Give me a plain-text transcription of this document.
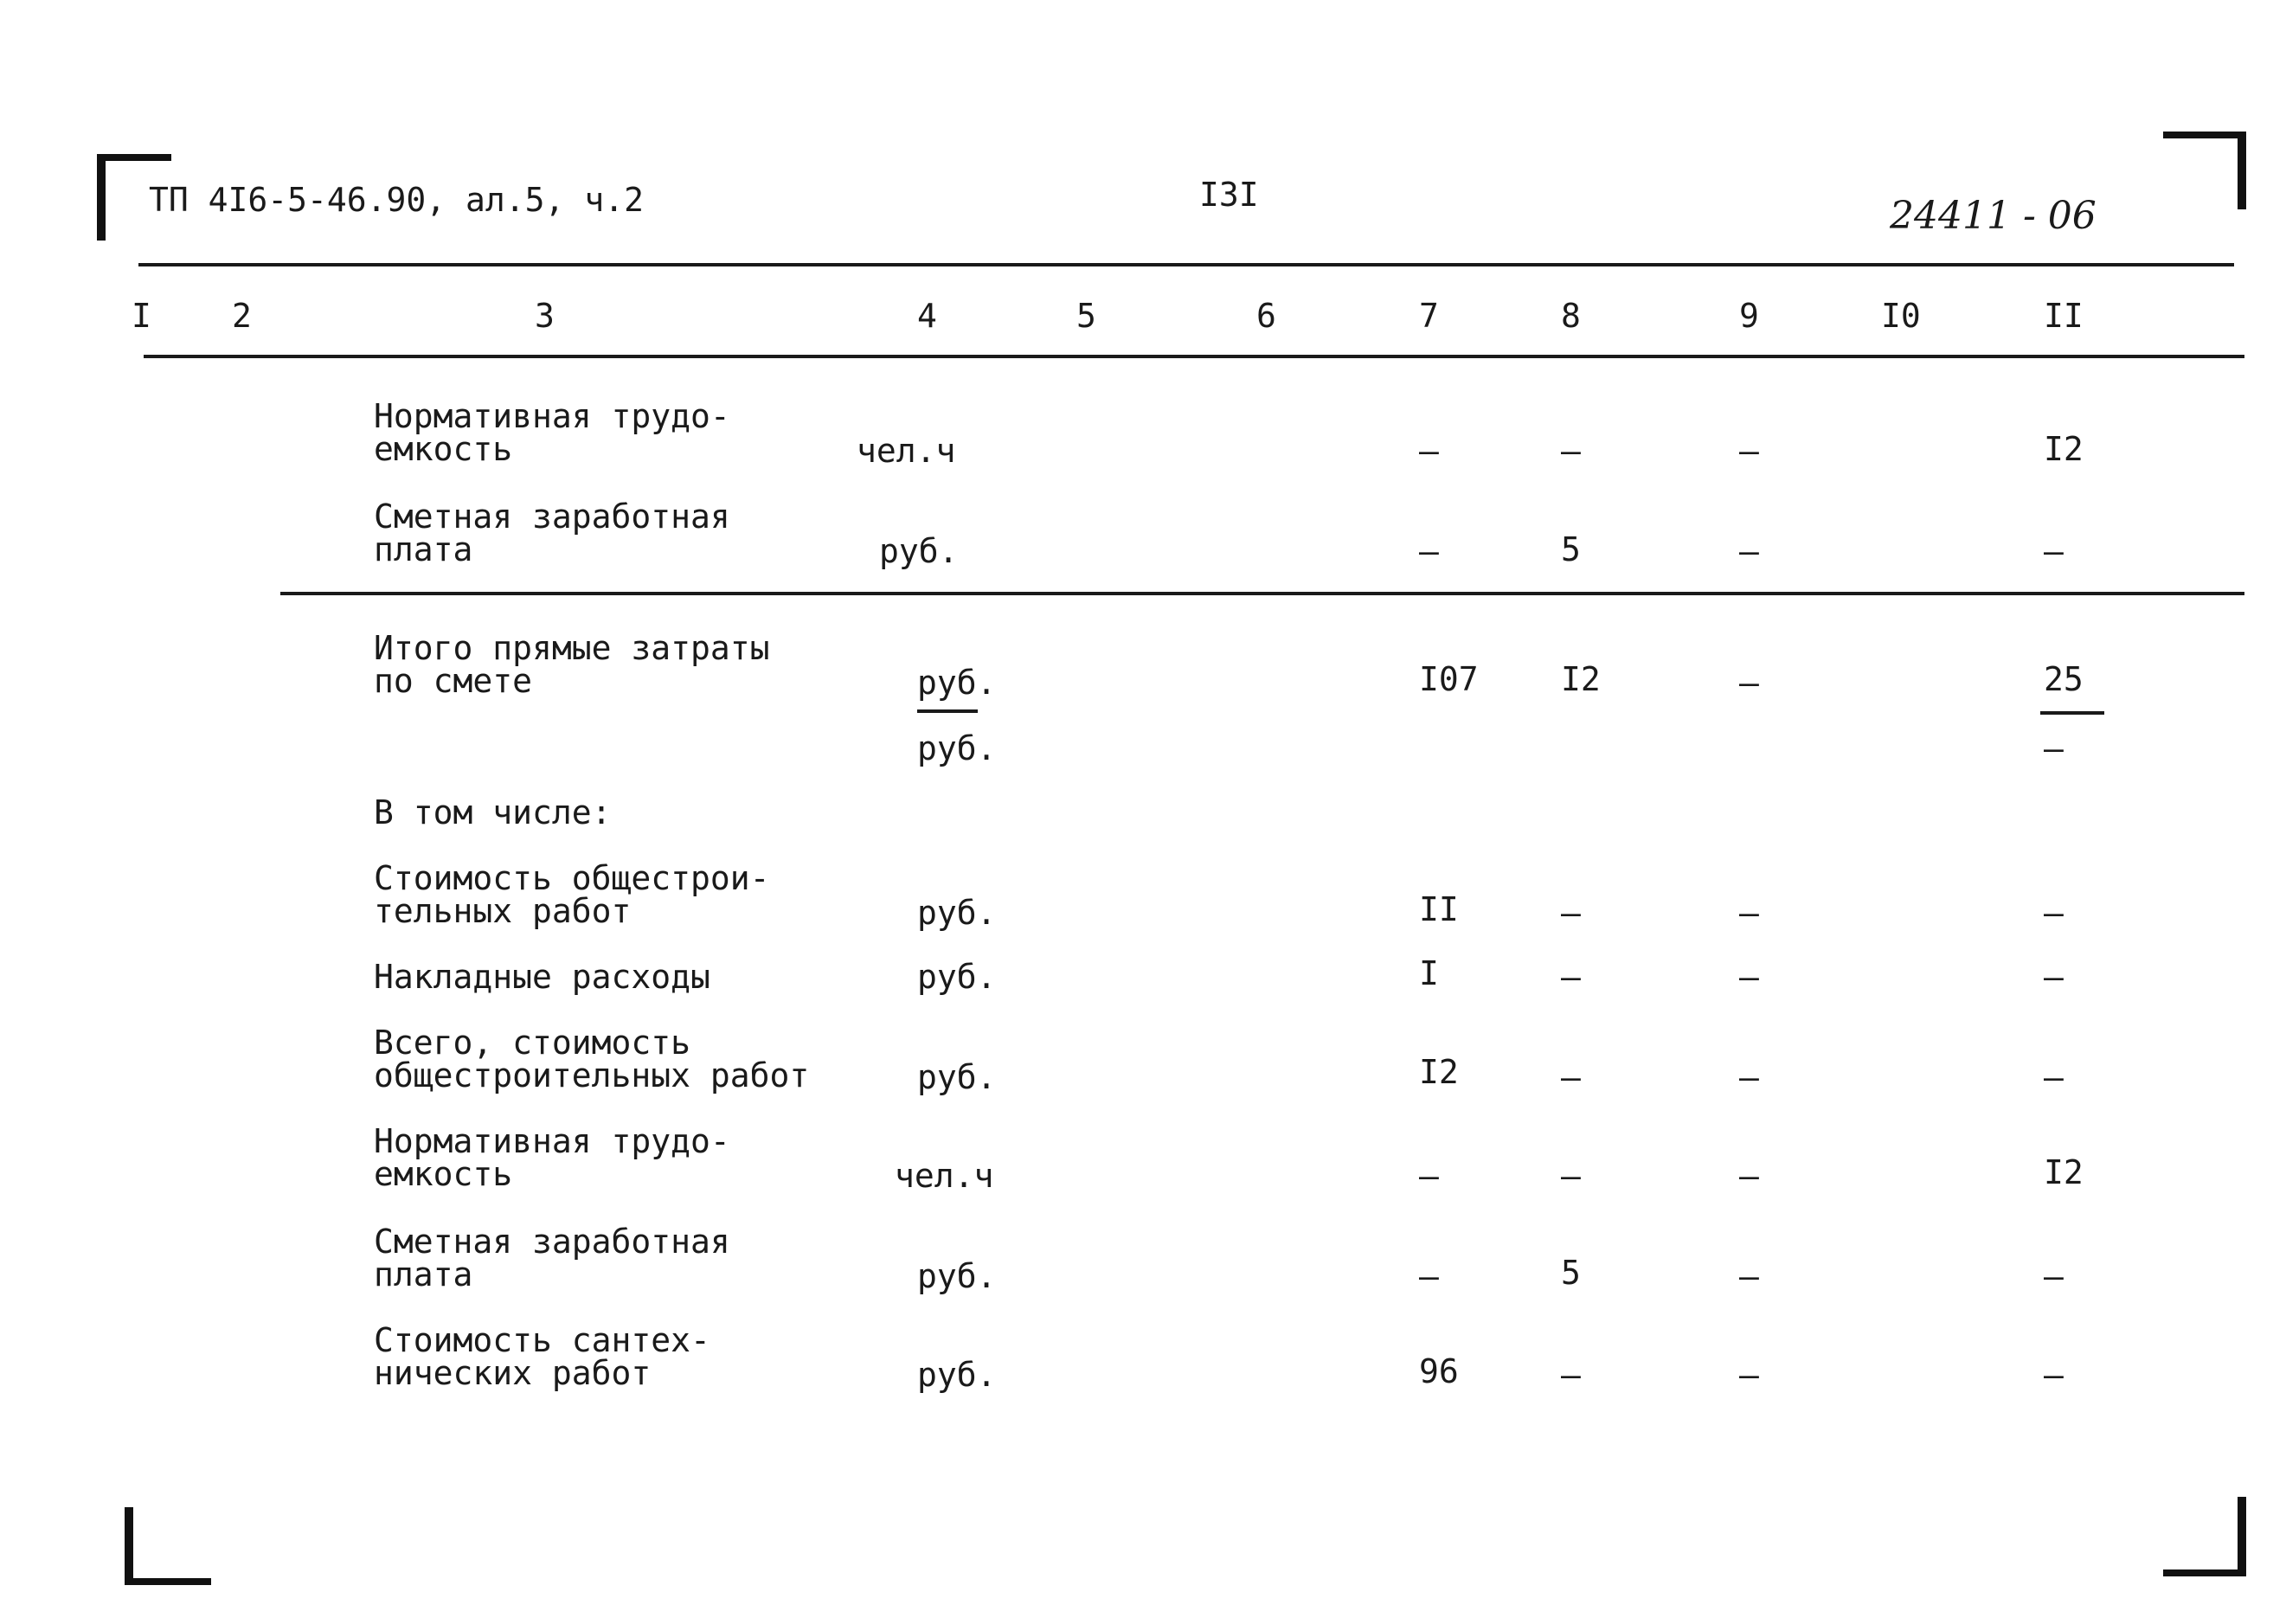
ТП 4I6-5-46.90, ал.5, ч.2	I3I	24411 - 06
I 2	3	4	5	6	7	8	9	I0	II
Нормативная трудо-
емкость	чел.ч	–	–	–	I2
Сметная заработная
плата	руб.	–	5	–	–
Итого прямые затраты
по смете	руб.	I07	I2	–	25
руб.	–
В том числе:
Стоимость общестрои-
тельных работ	руб.	II	–	–	–
Накладные расходы	руб.	I	–	–	–
Всего, стоимость
общестроительных работ	руб.	I2	–	–	–
Нормативная трудо-
емкость	чел.ч	–	–	–	I2
Сметная заработная
плата	руб.	–	5	–	–
Стоимость сантех-
нических работ	руб.	96	–	–	–
